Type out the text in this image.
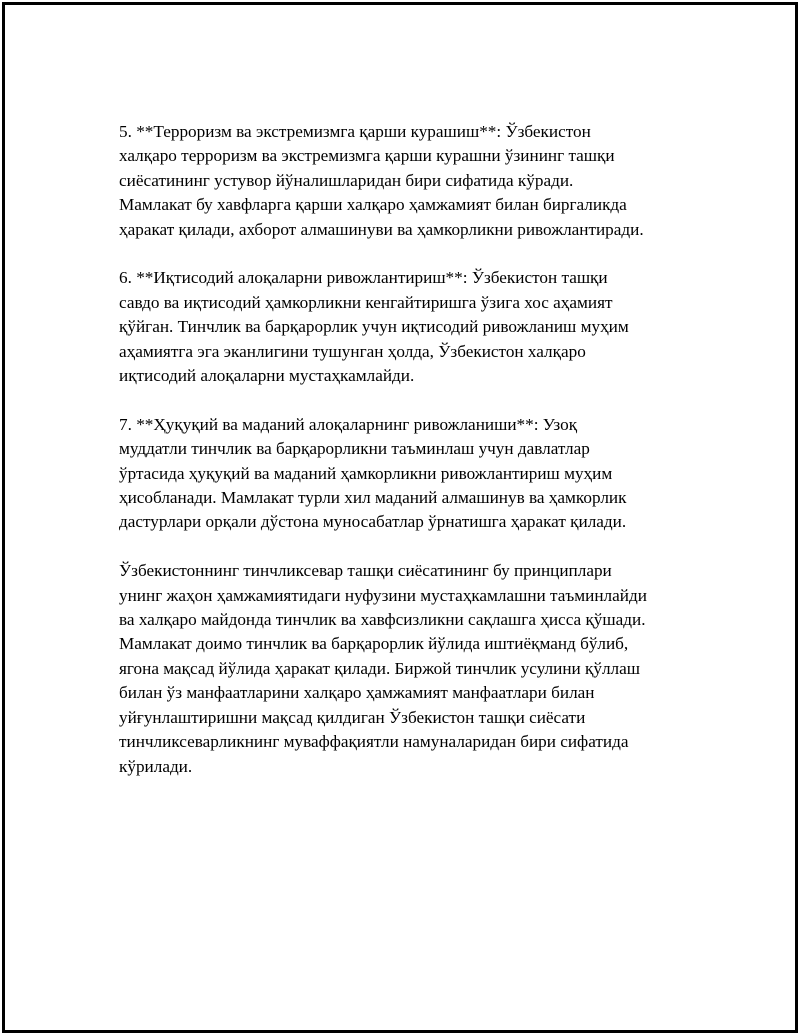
5. **Терроризм ва экстремизмга қарши курашиш**: Ўзбекистон
халқаро терроризм ва экстремизмга қарши курашни ўзининг ташқи
сиёсатининг устувор йўналишларидан бири сифатида кўради.
Мамлакат бу хавфларга қарши халқаро ҳамжамият билан биргаликда
ҳаракат қилади, ахборот алмашинуви ва ҳамкорликни ривожлантиради.

6. **Иқтисодий алоқаларни ривожлантириш**: Ўзбекистон ташқи
савдо ва иқтисодий ҳамкорликни кенгайтиришга ўзига хос аҳамият
қўйган. Тинчлик ва барқарорлик учун иқтисодий ривожланиш муҳим
аҳамиятга эга эканлигини тушунган ҳолда, Ўзбекистон халқаро
иқтисодий алоқаларни мустаҳкамлайди.

7. **Ҳуқуқий ва маданий алоқаларнинг ривожланиши**: Узоқ
муддатли тинчлик ва барқарорликни таъминлаш учун давлатлар
ўртасида ҳуқуқий ва маданий ҳамкорликни ривожлантириш муҳим
ҳисобланади. Мамлакат турли хил маданий алмашинув ва ҳамкорлик
дастурлари орқали дўстона муносабатлар ўрнатишга ҳаракат қилади.

Ўзбекистоннинг тинчликсевар ташқи сиёсатининг бу принциплари
унинг жаҳон ҳамжамиятидаги нуфузини мустаҳкамлашни таъминлайди
ва халқаро майдонда тинчлик ва хавфсизликни сақлашга ҳисса қўшади.
Мамлакат доимо тинчлик ва барқарорлик йўлида иштиёқманд бўлиб,
ягона мақсад йўлида ҳаракат қилади. Биржой тинчлик усулини қўллаш
билан ўз манфаатларини халқаро ҳамжамият манфаатлари билан
уйғунлаштиришни мақсад қилдиган Ўзбекистон ташқи сиёсати
тинчликсеварликнинг муваффақиятли намуналаридан бири сифатида
кўрилади.
